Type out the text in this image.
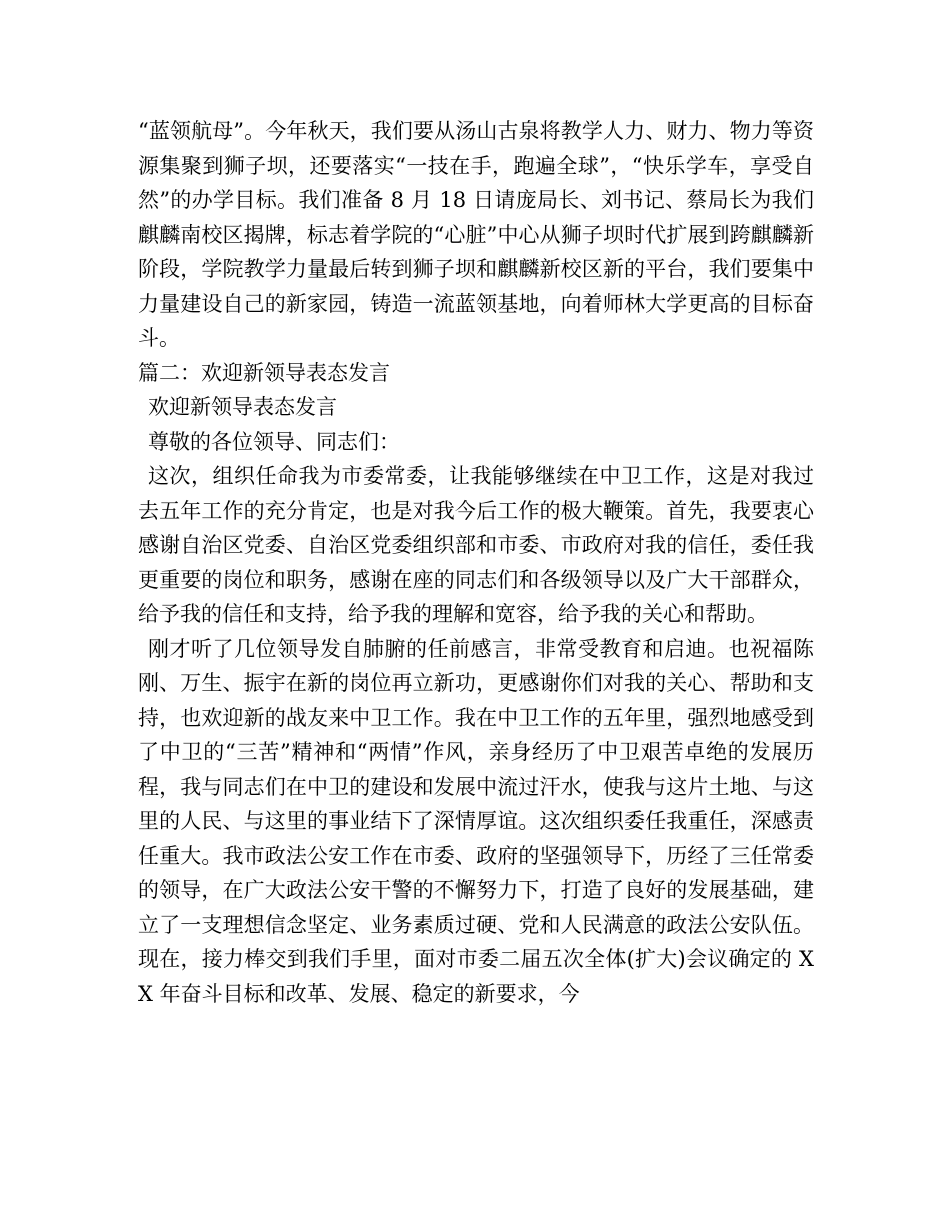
“蓝领航母”。今年秋天，我们要从汤山古泉将教学人力、财力、物力等资源集聚到狮子坝，还要落实“一技在手，跑遍全球”，“快乐学车，享受自然”的办学目标。我们准备 8 月 18 日请庞局长、刘书记、蔡局长为我们麒麟南校区揭牌，标志着学院的“心脏”中心从狮子坝时代扩展到跨麒麟新阶段，学院教学力量最后转到狮子坝和麒麟新校区新的平台，我们要集中力量建设自己的新家园，铸造一流蓝领基地，向着师林大学更高的目标奋斗。

篇二：欢迎新领导表态发言

欢迎新领导表态发言

尊敬的各位领导、同志们：

这次，组织任命我为市委常委，让我能够继续在中卫工作，这是对我过去五年工作的充分肯定，也是对我今后工作的极大鞭策。首先，我要衷心感谢自治区党委、自治区党委组织部和市委、市政府对我的信任，委任我更重要的岗位和职务，感谢在座的同志们和各级领导以及广大干部群众，给予我的信任和支持，给予我的理解和宽容，给予我的关心和帮助。

刚才听了几位领导发自肺腑的任前感言，非常受教育和启迪。也祝福陈刚、万生、振宇在新的岗位再立新功，更感谢你们对我的关心、帮助和支持，也欢迎新的战友来中卫工作。我在中卫工作的五年里，强烈地感受到了中卫的“三苦”精神和“两情”作风，亲身经历了中卫艰苦卓绝的发展历程，我与同志们在中卫的建设和发展中流过汗水，使我与这片土地、与这里的人民、与这里的事业结下了深情厚谊。这次组织委任我重任，深感责任重大。我市政法公安工作在市委、政府的坚强领导下，历经了三任常委的领导，在广大政法公安干警的不懈努力下，打造了良好的发展基础，建立了一支理想信念坚定、业务素质过硬、党和人民满意的政法公安队伍。现在，接力棒交到我们手里，面对市委二届五次全体(扩大)会议确定的 XX 年奋斗目标和改革、发展、稳定的新要求，今
